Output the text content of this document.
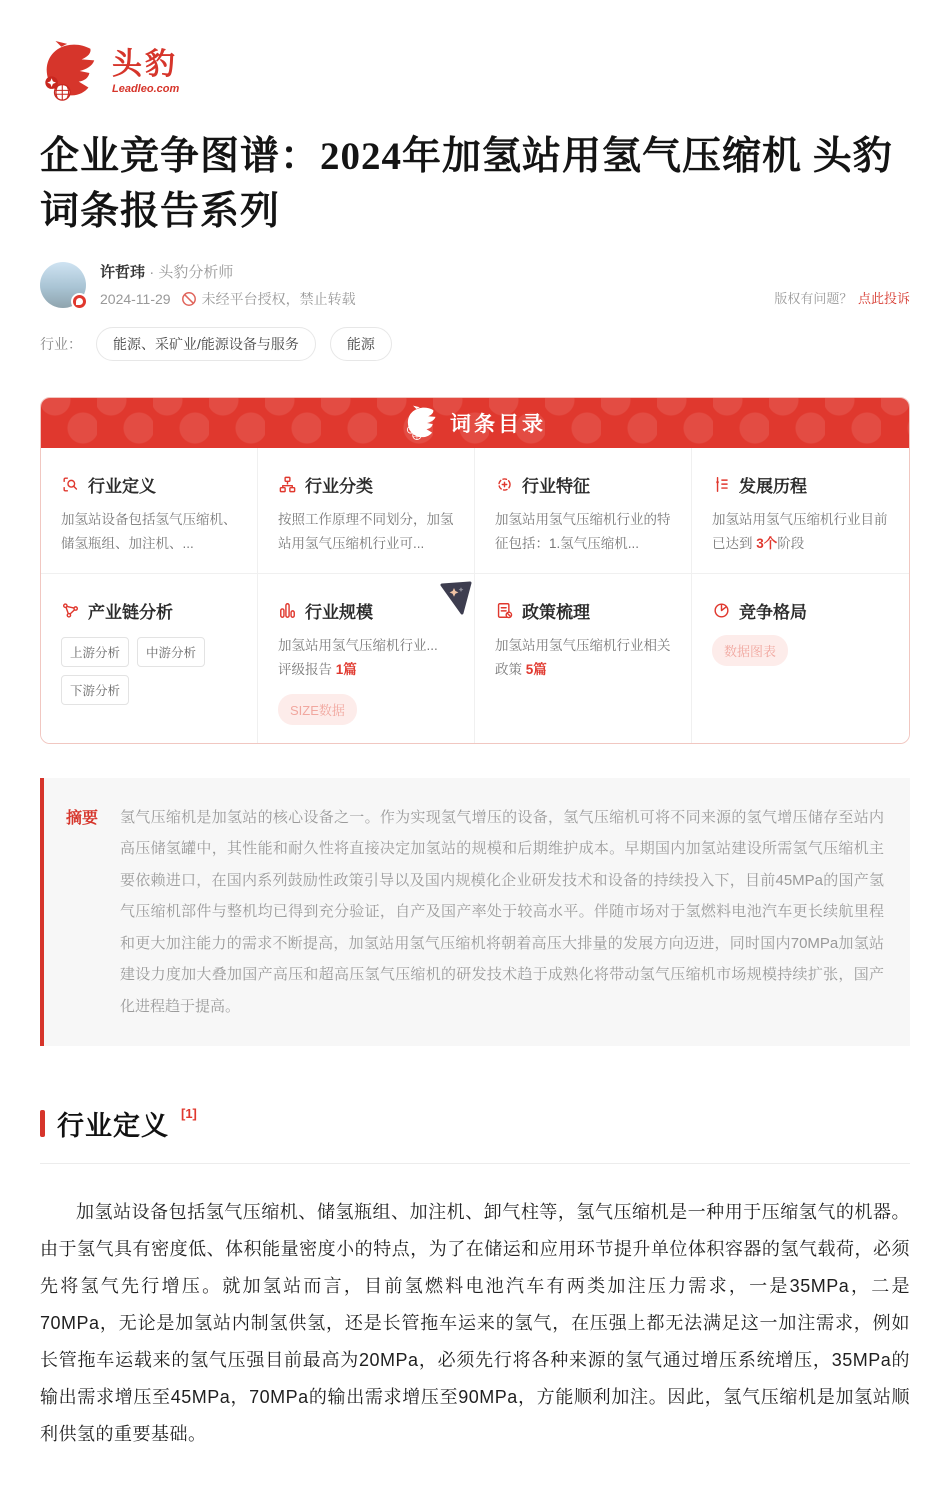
头豹
Leadleo.com
企业竞争图谱：2024年加氢站用氢气压缩机 头豹词条报告系列
许哲玮 · 头豹分析师
2024-11-29 未经平台授权，禁止转载	版权有问题？ 点此投诉
行业：	能源、采矿业/能源设备与服务	能源
词条目录
行业定义
加氢站设备包括氢气压缩机、储氢瓶组、加注机、...
行业分类
按照工作原理不同划分，加氢站用氢气压缩机行业可...
行业特征
加氢站用氢气压缩机行业的特征包括：1.氢气压缩机...
发展历程
加氢站用氢气压缩机行业目前已达到 3个阶段
产业链分析
上游分析	中游分析
下游分析
行业规模
加氢站用氢气压缩机行业...
评级报告 1篇
SIZE数据
政策梳理
加氢站用氢气压缩机行业相关政策 5篇
竞争格局
数据图表
摘要	氢气压缩机是加氢站的核心设备之一。作为实现氢气增压的设备，氢气压缩机可将不同来源的氢气增压储存至站内高压储氢罐中，其性能和耐久性将直接决定加氢站的规模和后期维护成本。早期国内加氢站建设所需氢气压缩机主要依赖进口，在国内系列鼓励性政策引导以及国内规模化企业研发技术和设备的持续投入下，目前45MPa的国产氢气压缩机部件与整机均已得到充分验证，自产及国产率处于较高水平。伴随市场对于氢燃料电池汽车更长续航里程和更大加注能力的需求不断提高，加氢站用氢气压缩机将朝着高压大排量的发展方向迈进，同时国内70MPa加氢站建设力度加大叠加国产高压和超高压氢气压缩机的研发技术趋于成熟化将带动氢气压缩机市场规模持续扩张，国产化进程趋于提高。

行业定义 [1]

加氢站设备包括氢气压缩机、储氢瓶组、加注机、卸气柱等，氢气压缩机是一种用于压缩氢气的机器。由于氢气具有密度低、体积能量密度小的特点，为了在储运和应用环节提升单位体积容器的氢气载荷，必须先将氢气先行增压。就加氢站而言，目前氢燃料电池汽车有两类加注压力需求，一是35MPa，二是70MPa，无论是加氢站内制氢供氢，还是长管拖车运来的氢气，在压强上都无法满足这一加注需求，例如长管拖车运载来的氢气压强目前最高为20MPa，必须先行将各种来源的氢气通过增压系统增压，35MPa的输出需求增压至45MPa，70MPa的输出需求增压至90MPa，方能顺利加注。因此，氢气压缩机是加氢站顺利供氢的重要基础。
